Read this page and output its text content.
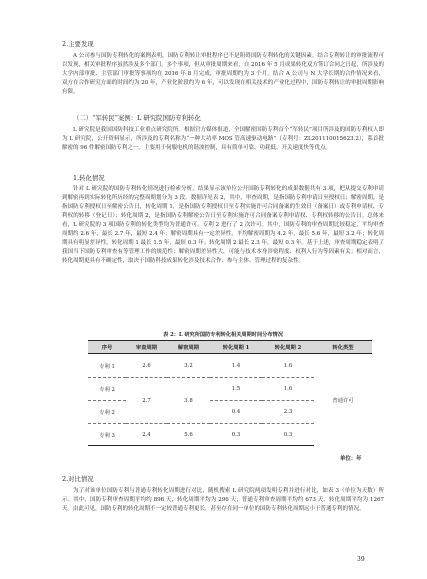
2.主要发现
A 公司参与国防专利转化的案例表明，国防专利转让审批程序已不是阻碍国防专利转化的关键因素。结合专利转让的审批流程可以发现，相关审批程序虽然涉及多个部门，多个事项，但从审批周期来看，自 2016 年 5 月成果转化双方签订合同之日起，所涉及的大学内部审批、主管部门审批等事项均在 2016 年 8 月完成，审批周期约为 3 个月。结合 A 公司与 N 大学长期的合作情况来看，双方在合作研究方面的时间约为 20 年，产业化阶段约为 6 年，可以发现在相关技术的产业化过程中，国防专利转让的审批周期影响有限。
（二）“军转民”案例：L 研究院国防专利转化
L 研究院是我国国防科技工业重点研究院所。根据官方媒体报道，全国解密国防专利首个“军转民”项目所涉及的国防专利权人即为 L 研究院，公开资料显示，所涉及的专利名称为“一种大功率 MOS 管高速驱动电路”（专利号：ZL201110015623.2），系首批解密的 96 件解密国防专利之一。主要用于伺服电机的谐波控制，具有简单可靠、功耗低、开关速度快等优点。
1.转化情况
针对 L 研究院的国防专利转化情况进行检索分析，结果显示该单位公开国防专利转化的成果数据共有 3 项，把从提交专利申请到解密再到实际转化所历经的完整周期划分为 3 段，数据详见表 2，其中，审查周期，是指国防专利申请日至授权日；解密周期，是指国防专利授权日至解密公告日，转化周期 1，是指国防专利授权日至专利实施许可合同备案的生效日（备案日）或专利申请权、专利权的转移（登记日）；转化周期 2，是指国防专利解密公告日至专利实施许可合同备案专利申请权、专利权转移的公告日。总体来看，L 研究院的 3 项国防专利的转化类型均为普通许可，专利 2 进行了 2 次许可。其中，国防专利的审查周期比较稳定，平均审查周期约 2.6 年，最长 2.7 年，最短 2.4 年；解密周期具有一定差异性，平均解密周期为 4.2 年，最长 5.6 年，最短 3.2 年；转化周期具有明显差异性，转化周期 1 最长 1.5 年，最短 0.3 年；转化周期 2 最长 2.3 年，最短 0.3 年。基于上述，审查周期稳定表明了我国当下国防专利审查有等管理工作的规范性；解密周期差异性大，可能与技术本身涉密程度、权利人行为等因素有关；相对而言，转化周期更具有不确定性，取决于国防科技成果转化涉及技术合作、参与主体、管理过程的复杂性。
表 2：L 研究所国防专利转化相关周期时间分布情况
序号	审查周期	解密周期	转化周期 1	转化周期 2	转化类型
专利 1	2.6	3.2	1.4	1.6	普通许可
专利 2	2.7	3.8	1.5	1.6	
专利 2			0.4	2.3	
专利 3	2.4	5.6	0.3	0.3	
单位：年
2.对比情况
为了对该单位国防专利与普通专利转化周期进行对比，随机搜索 L 研究院两项发明专利并进行对比，如表 3（单位为天数）所示。其中，国防专利审查周期平均约 896 天，转化周期平均为 296 天；普通专利审查周期平均约 673 天，转化周期平均为 1267 天。由此可见，国防专利的转化周期不一定较普通专利更长，甚至存在同一单位的国防专利转化周期远小于普通专利的情况。
39
